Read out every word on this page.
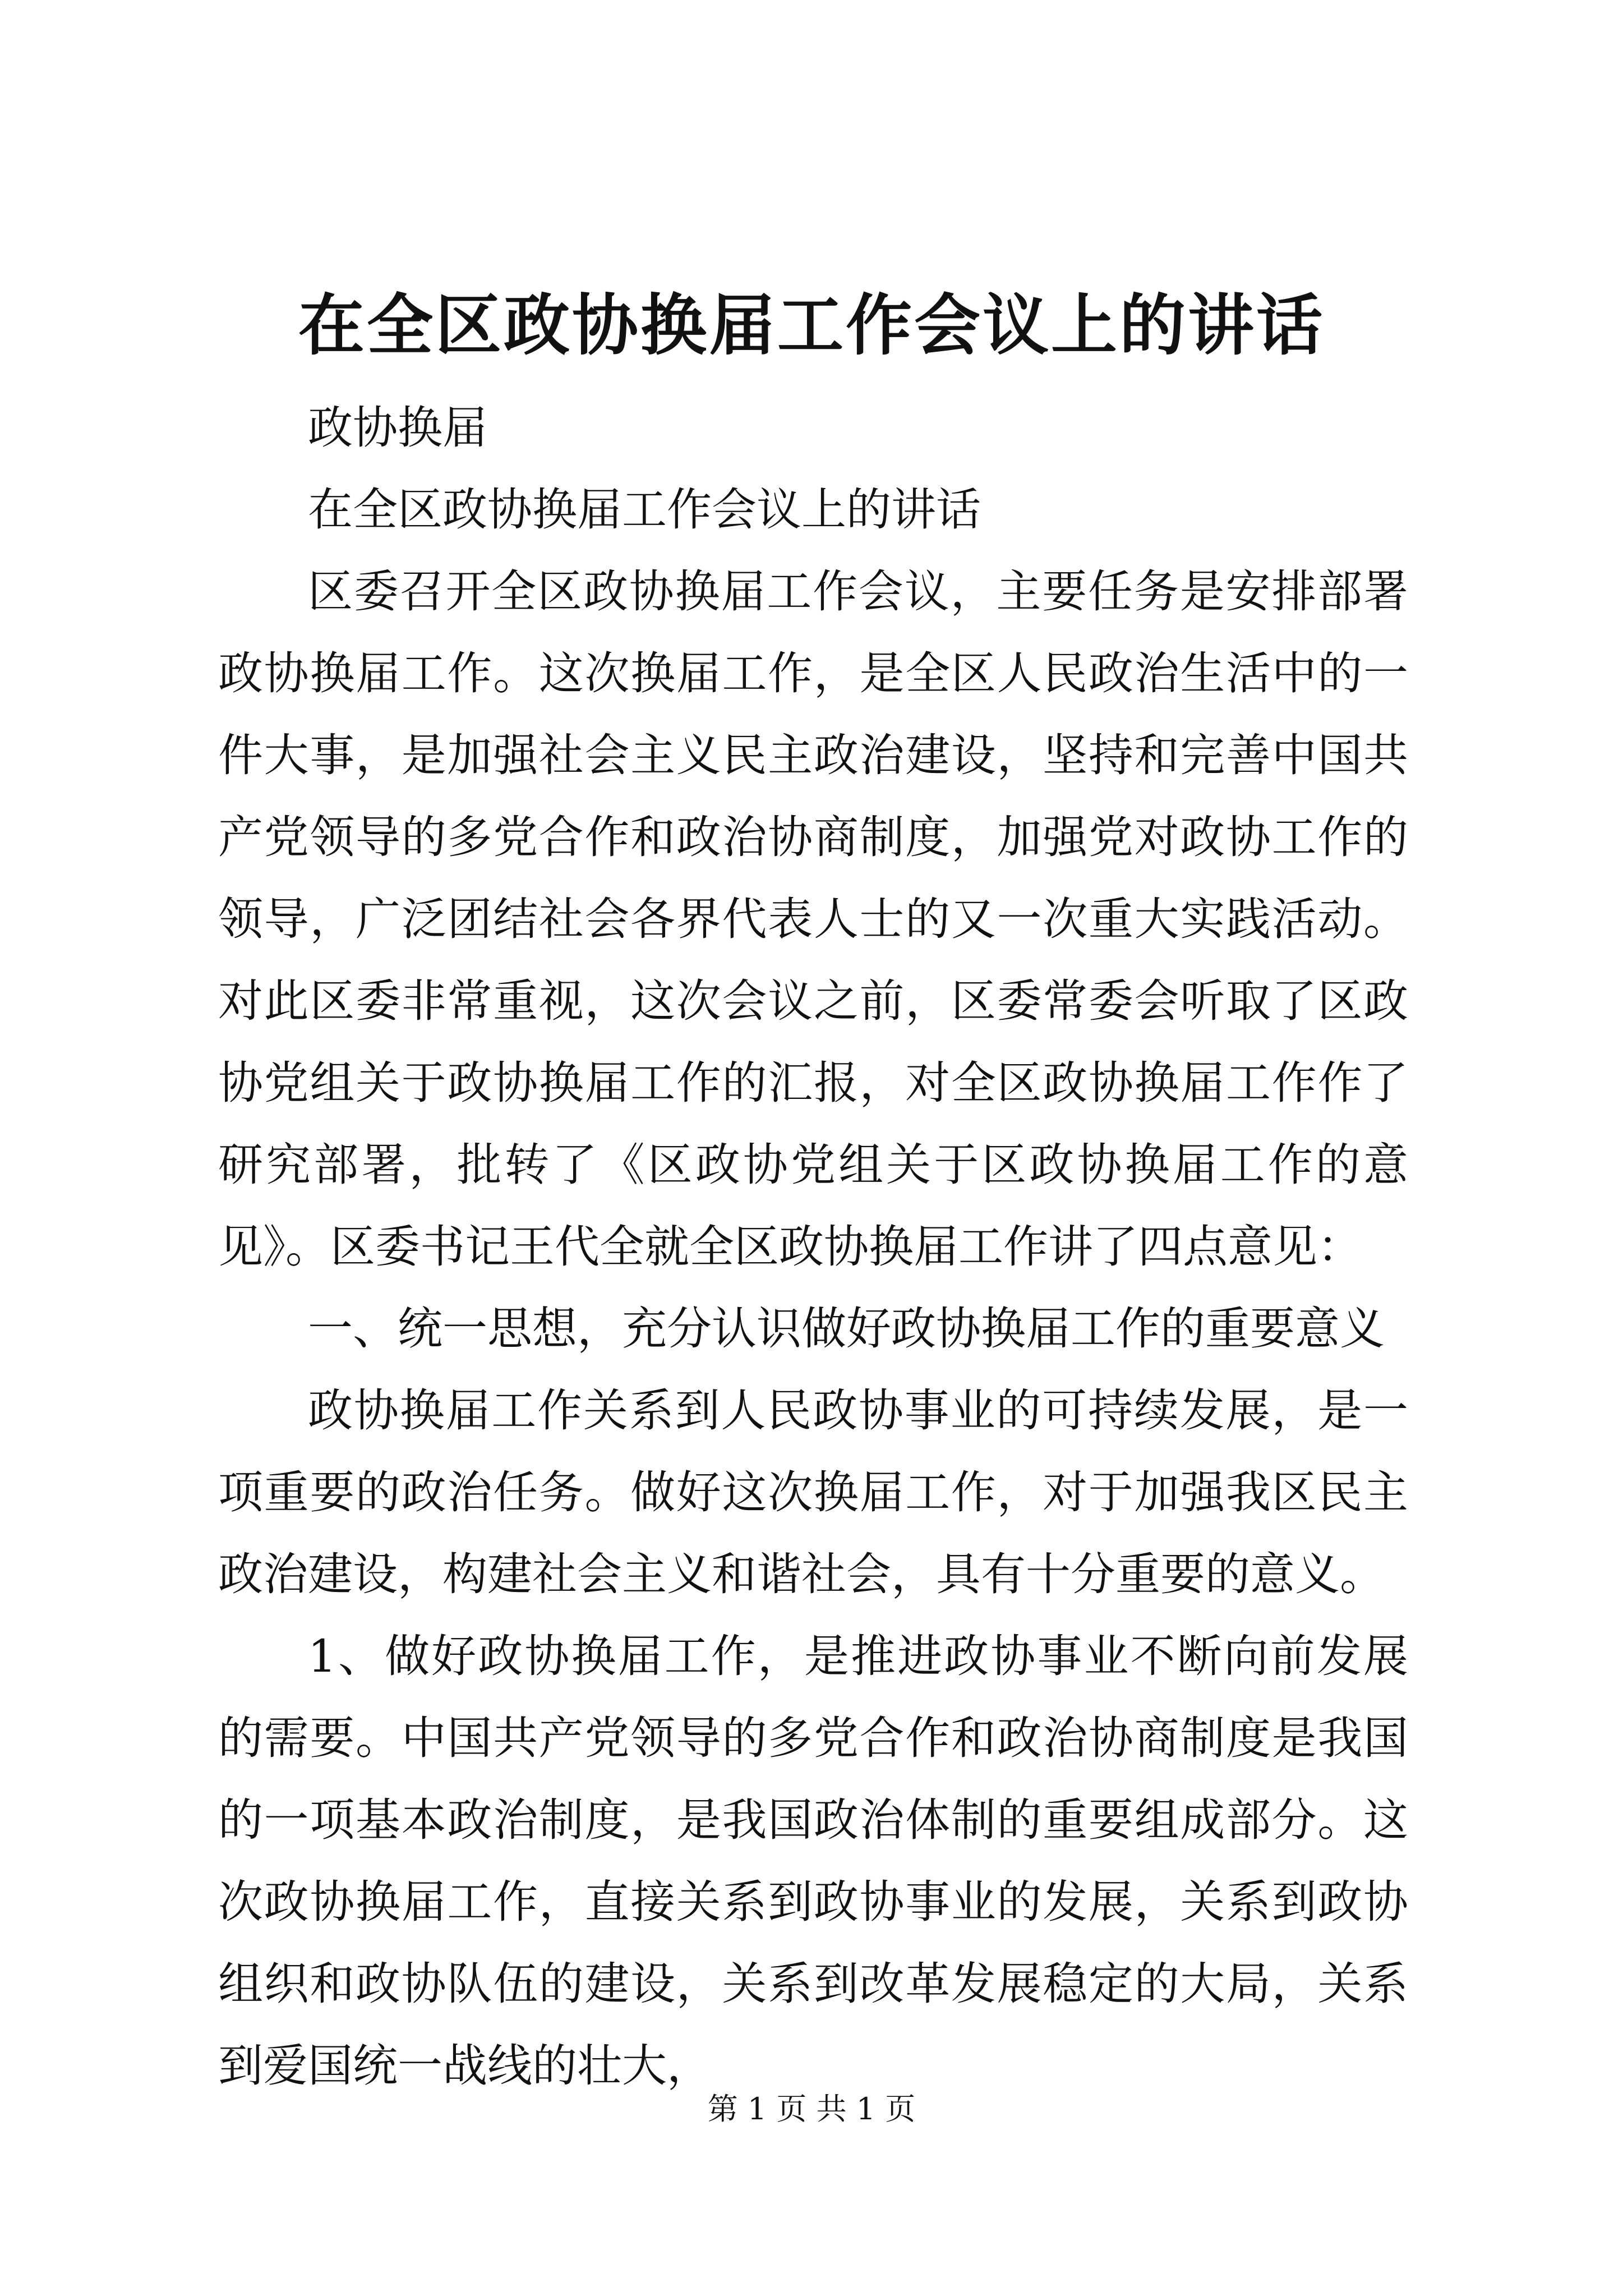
在全区政协换届工作会议上的讲话

政协换届

在全区政协换届工作会议上的讲话

区委召开全区政协换届工作会议，主要任务是安排部署政协换届工作。这次换届工作，是全区人民政治生活中的一件大事，是加强社会主义民主政治建设，坚持和完善中国共产党领导的多党合作和政治协商制度，加强党对政协工作的领导，广泛团结社会各界代表人士的又一次重大实践活动。对此区委非常重视，这次会议之前，区委常委会听取了区政协党组关于政协换届工作的汇报，对全区政协换届工作作了研究部署，批转了《区政协党组关于区政协换届工作的意见》。区委书记王代全就全区政协换届工作讲了四点意见：

一、统一思想，充分认识做好政协换届工作的重要意义

政协换届工作关系到人民政协事业的可持续发展，是一项重要的政治任务。做好这次换届工作，对于加强我区民主政治建设，构建社会主义和谐社会，具有十分重要的意义。

1、做好政协换届工作，是推进政协事业不断向前发展的需要。中国共产党领导的多党合作和政治协商制度是我国的一项基本政治制度，是我国政治体制的重要组成部分。这次政协换届工作，直接关系到政协事业的发展，关系到政协组织和政协队伍的建设，关系到改革发展稳定的大局，关系到爱国统一战线的壮大，

第 1 页 共 1 页
